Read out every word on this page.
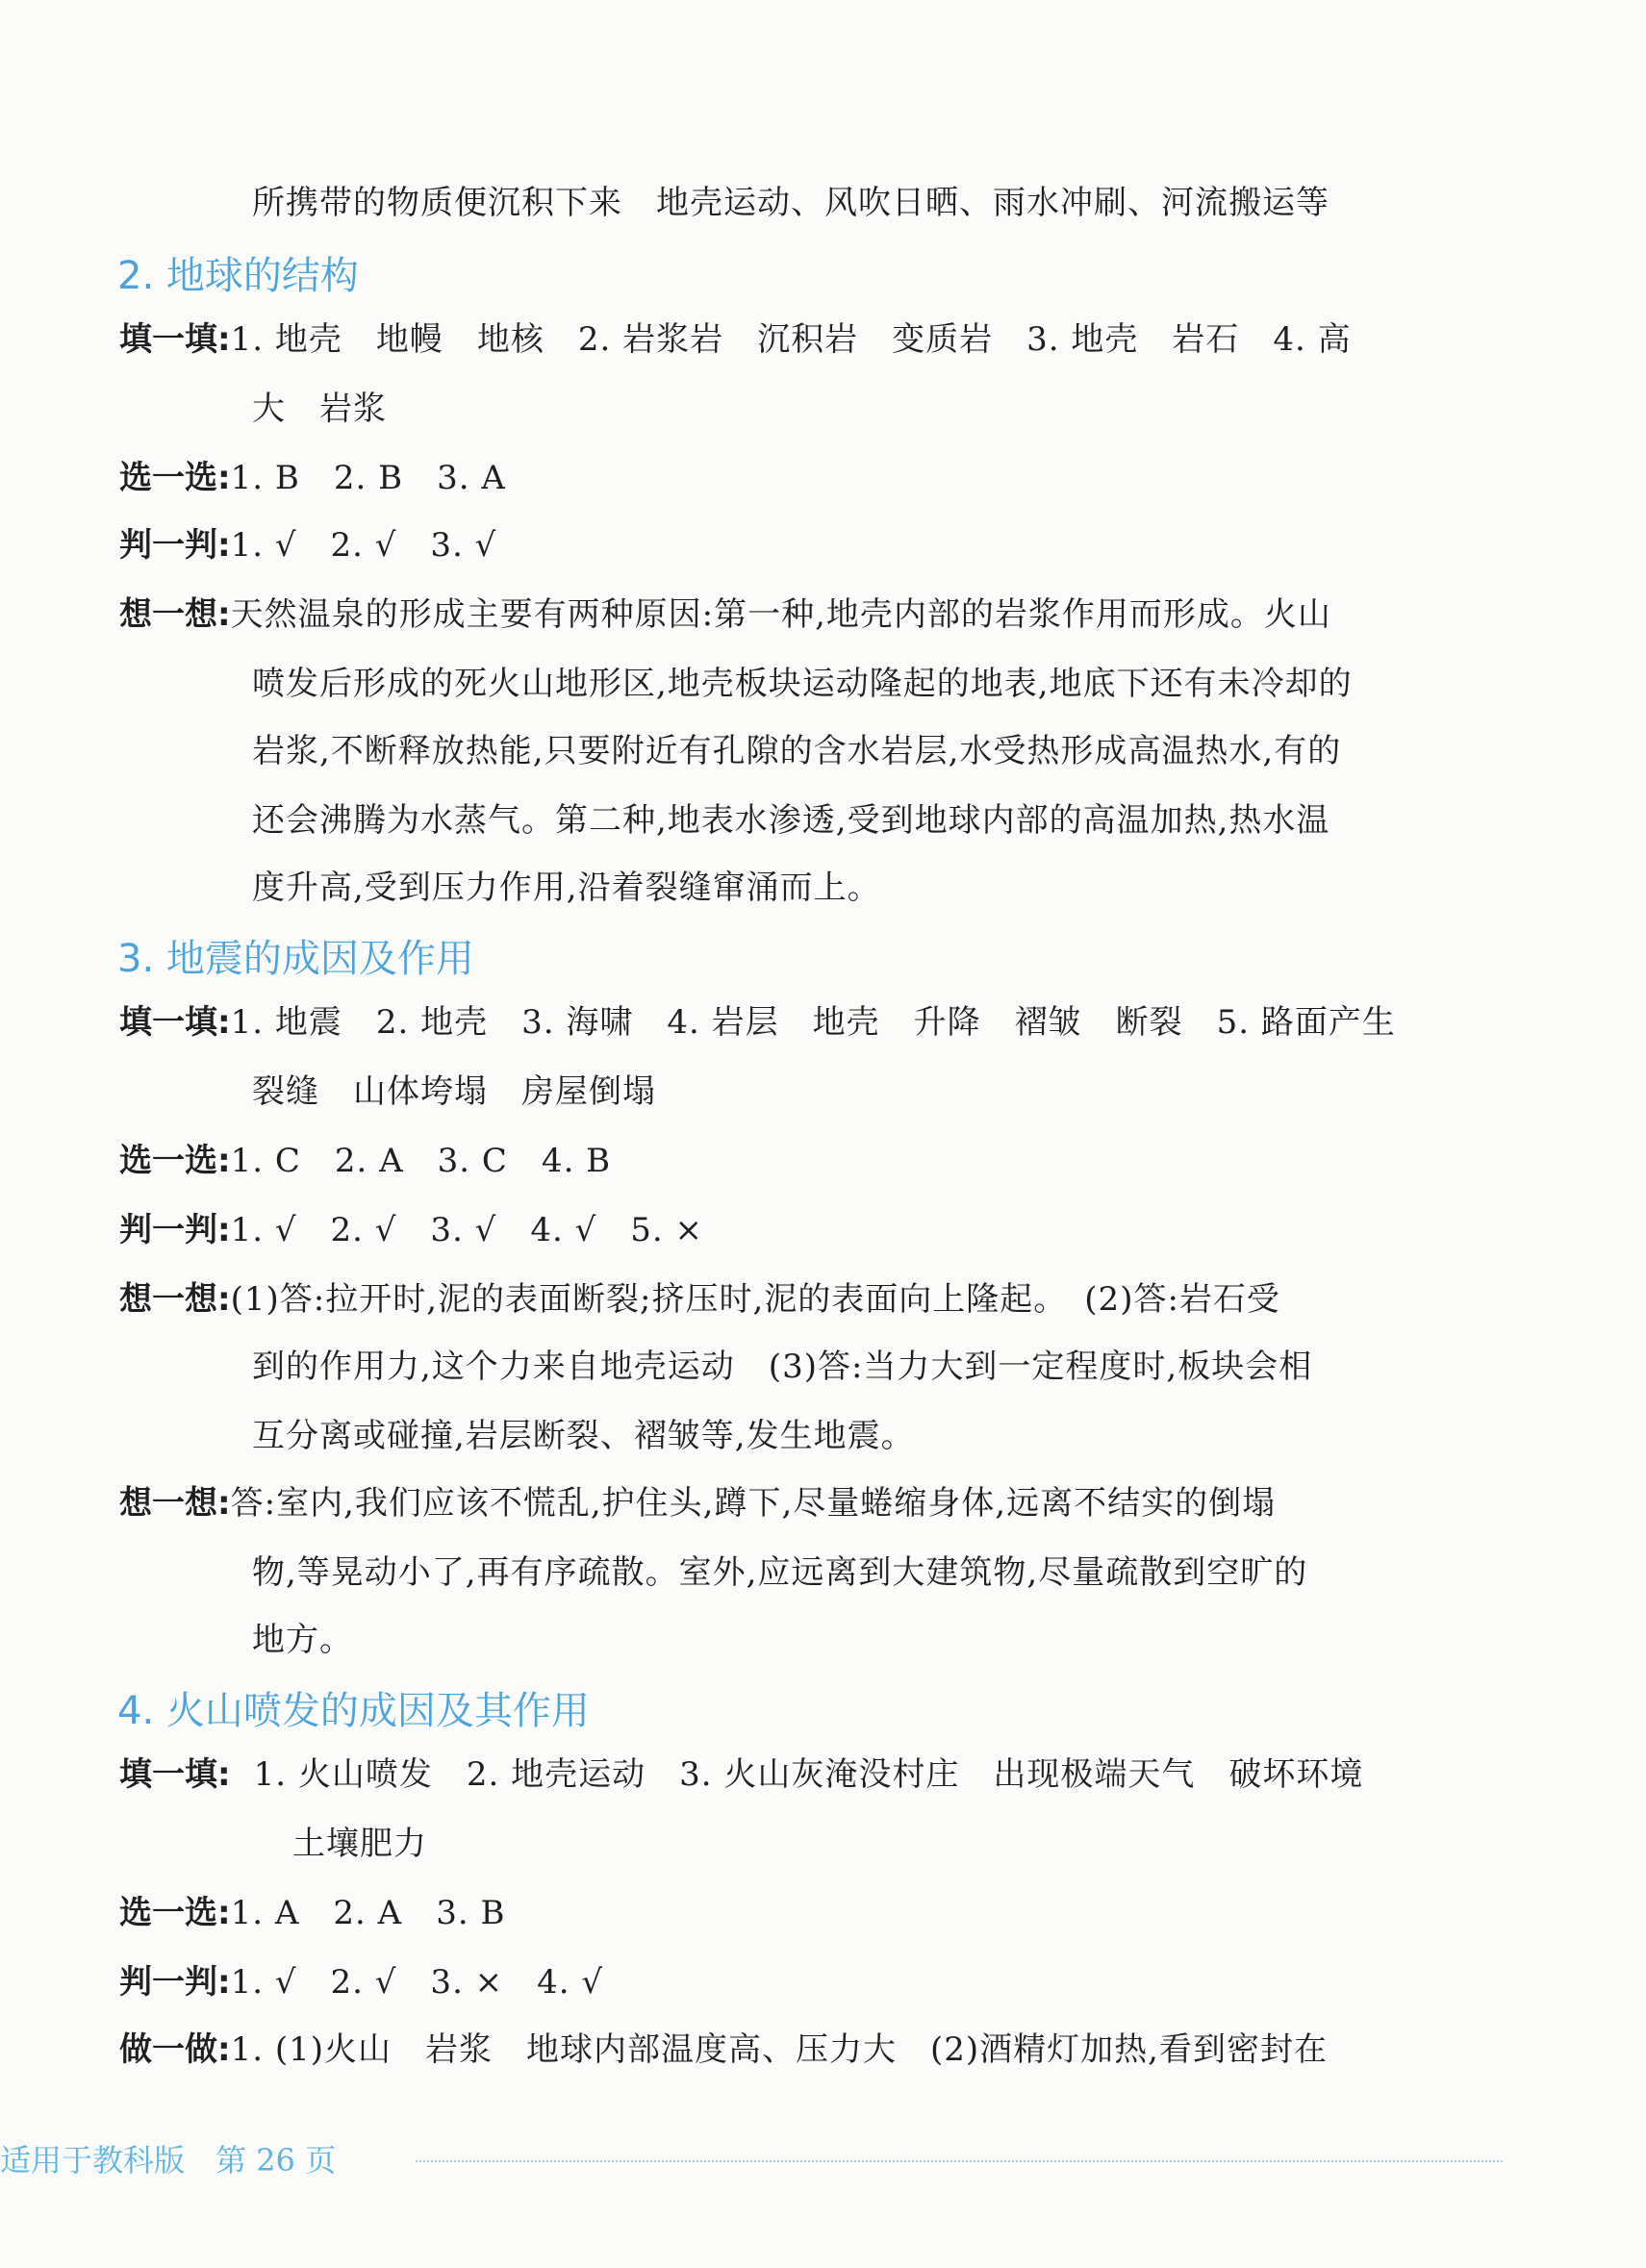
所携带的物质便沉积下来　地壳运动、风吹日晒、雨水冲刷、河流搬运等
2. 地球的结构
填一填:1. 地壳　地幔　地核　2. 岩浆岩　沉积岩　变质岩　3. 地壳　岩石　4. 高
大　岩浆
选一选:1. B　2. B　3. A
判一判:1. √　2. √　3. √
想一想:天然温泉的形成主要有两种原因:第一种,地壳内部的岩浆作用而形成。火山
喷发后形成的死火山地形区,地壳板块运动隆起的地表,地底下还有未冷却的
岩浆,不断释放热能,只要附近有孔隙的含水岩层,水受热形成高温热水,有的
还会沸腾为水蒸气。第二种,地表水渗透,受到地球内部的高温加热,热水温
度升高,受到压力作用,沿着裂缝窜涌而上。
3. 地震的成因及作用
填一填:1. 地震　2. 地壳　3. 海啸　4. 岩层　地壳　升降　褶皱　断裂　5. 路面产生
裂缝　山体垮塌　房屋倒塌
选一选:1. C　2. A　3. C　4. B
判一判:1. √　2. √　3. √　4. √　5. ×
想一想:(1)答:拉开时,泥的表面断裂;挤压时,泥的表面向上隆起。　(2)答:岩石受
到的作用力,这个力来自地壳运动　(3)答:当力大到一定程度时,板块会相
互分离或碰撞,岩层断裂、褶皱等,发生地震。
想一想:答:室内,我们应该不慌乱,护住头,蹲下,尽量蜷缩身体,远离不结实的倒塌
物,等晃动小了,再有序疏散。室外,应远离到大建筑物,尽量疏散到空旷的
地方。
4. 火山喷发的成因及其作用
填一填: 1. 火山喷发　2. 地壳运动　3. 火山灰淹没村庄　出现极端天气　破坏环境
土壤肥力
选一选:1. A　2. A　3. B
判一判:1. √　2. √　3. ×　4. √
做一做:1. (1)火山　岩浆　地球内部温度高、压力大　(2)酒精灯加热,看到密封在
适用于教科版　第 26 页
